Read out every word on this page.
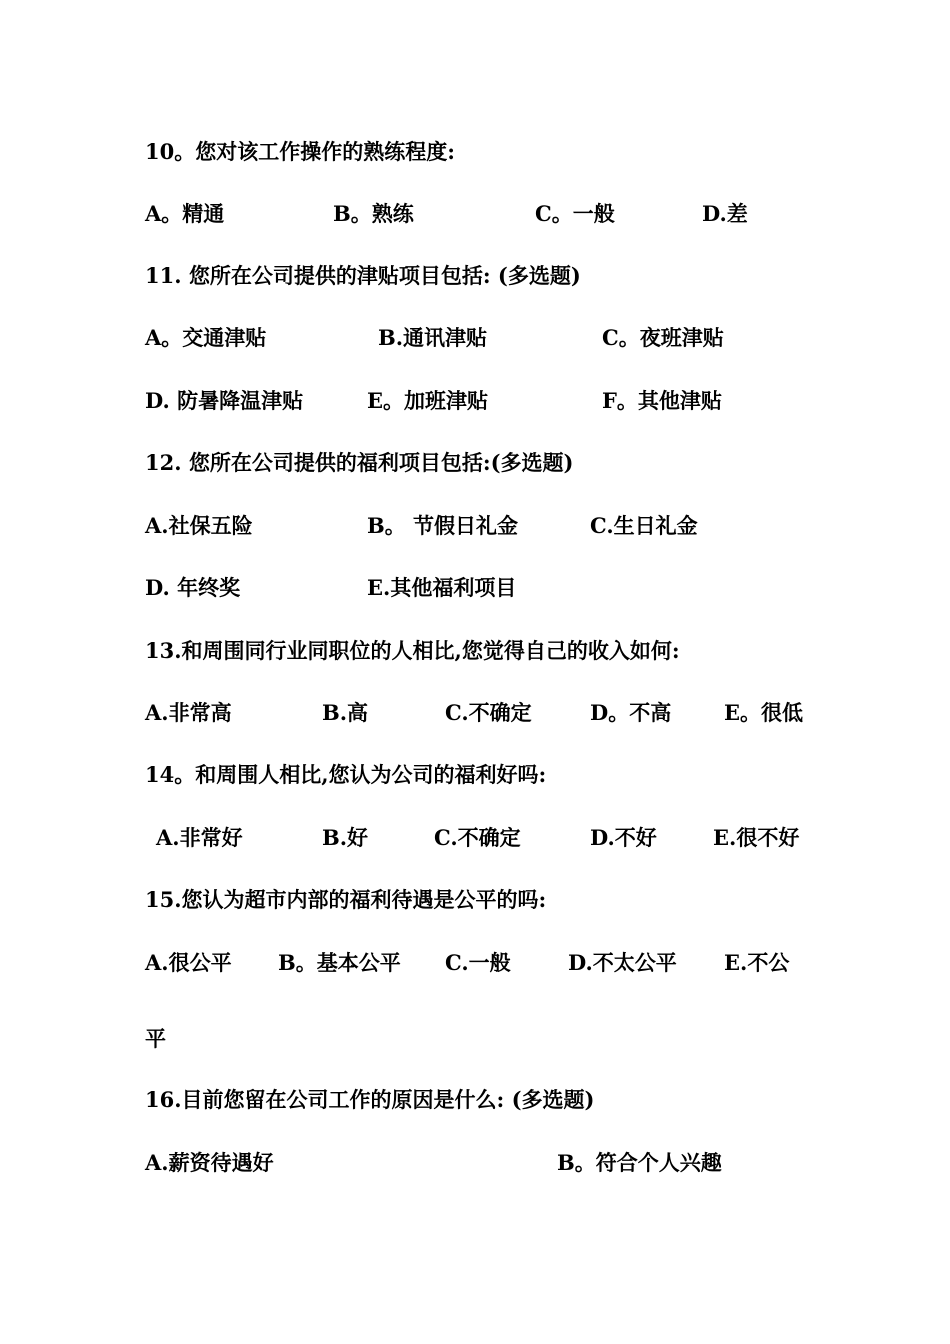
10。您对该工作操作的熟练程度:
A。精通	B。熟练	C。一般	D.差
11. 您所在公司提供的津贴项目包括: (多选题)
A。交通津贴	B.通讯津贴	C。夜班津贴
D. 防暑降温津贴	E。加班津贴	F。其他津贴
12. 您所在公司提供的福利项目包括:(多选题)
A.社保五险	B。 节假日礼金	C.生日礼金
D. 年终奖	E.其他福利项目
13.和周围同行业同职位的人相比,您觉得自己的收入如何:
A.非常高	B.高	C.不确定	D。不高	E。很低
14。和周围人相比,您认为公司的福利好吗:
A.非常好	B.好	C.不确定	D.不好	E.很不好
15.您认为超市内部的福利待遇是公平的吗:
A.很公平 B。基本公平 C.一般	D.不太公平 E.不公
平
16.目前您留在公司工作的原因是什么: (多选题)
A.薪资待遇好	B。符合个人兴趣
